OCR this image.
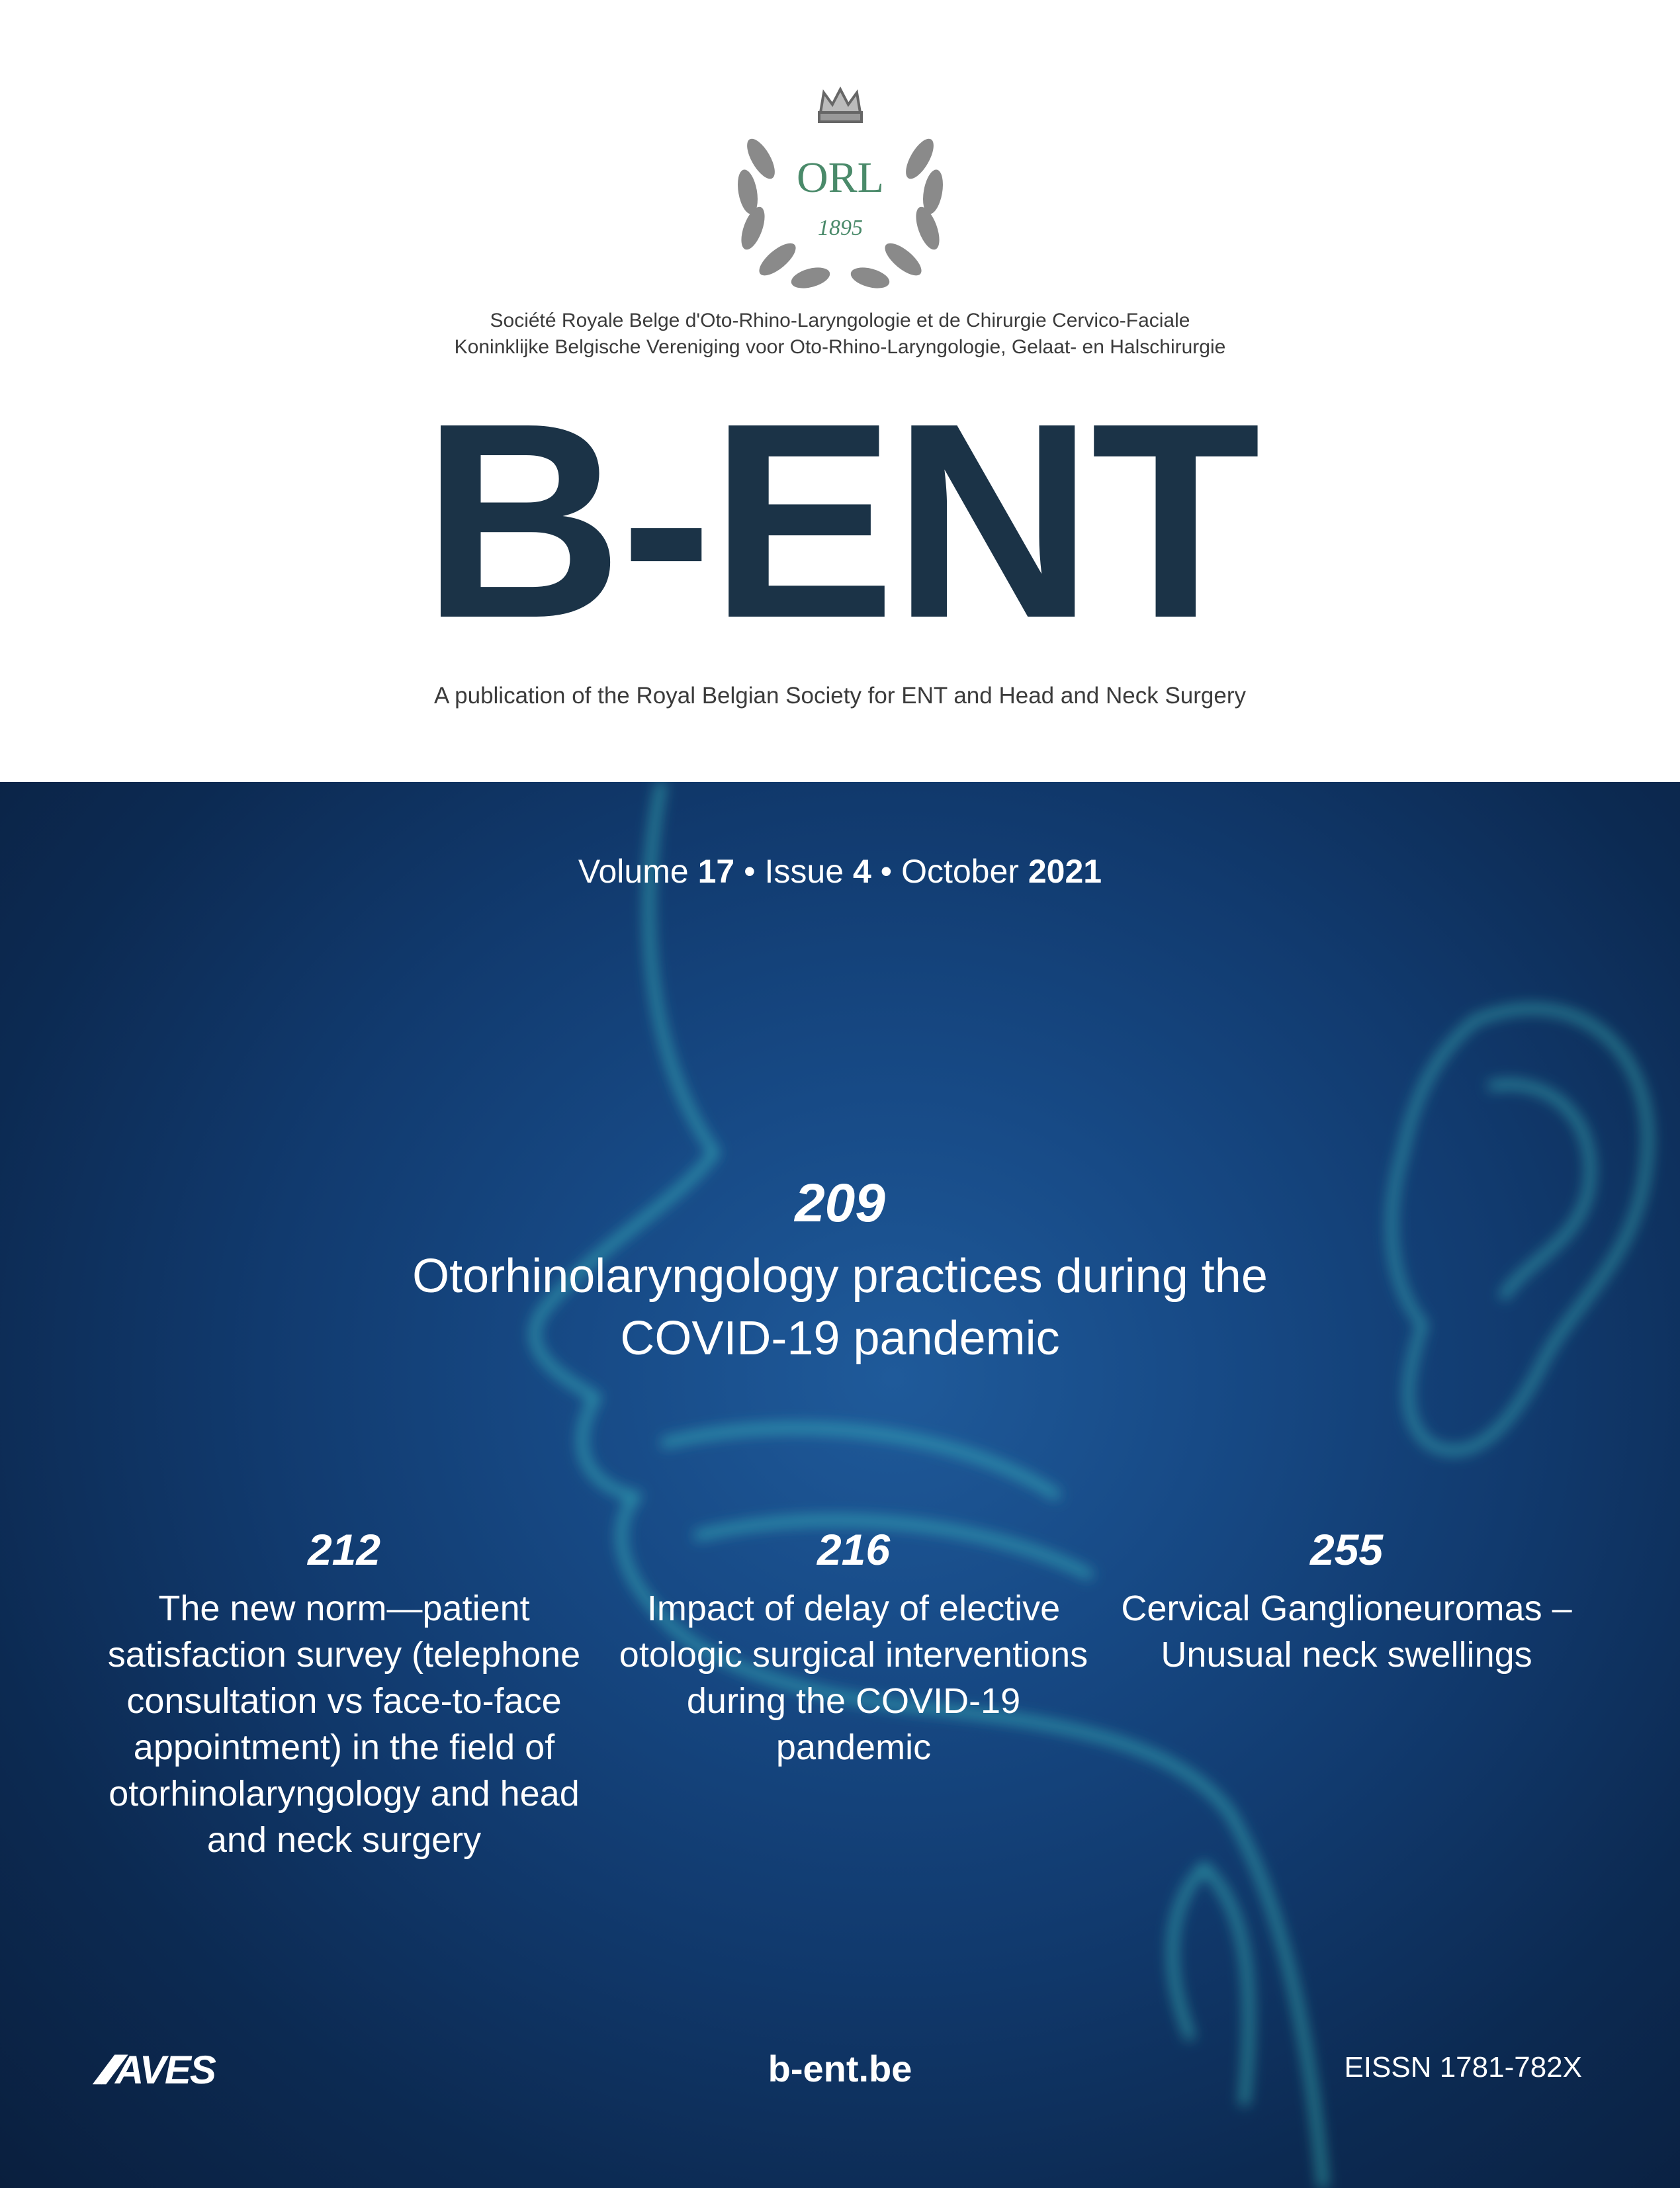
ORL
1895
Société Royale Belge d'Oto-Rhino-Laryngologie et de Chirurgie Cervico-Faciale
Koninklijke Belgische Vereniging voor Oto-Rhino-Laryngologie, Gelaat- en Halschirurgie
B-ENT
A publication of the Royal Belgian Society for ENT and Head and Neck Surgery
Volume 17 • Issue 4 • October 2021
209
Otorhinolaryngology practices during the
COVID-19 pandemic
212
The new norm—patient satisfaction survey (telephone consultation vs face-to-face appointment) in the field of otorhinolaryngology and head and neck surgery
216
Impact of delay of elective otologic surgical interventions during the COVID-19 pandemic
255
Cervical Ganglioneuromas – Unusual neck swellings
///AVES	b-ent.be	EISSN 1781-782X
